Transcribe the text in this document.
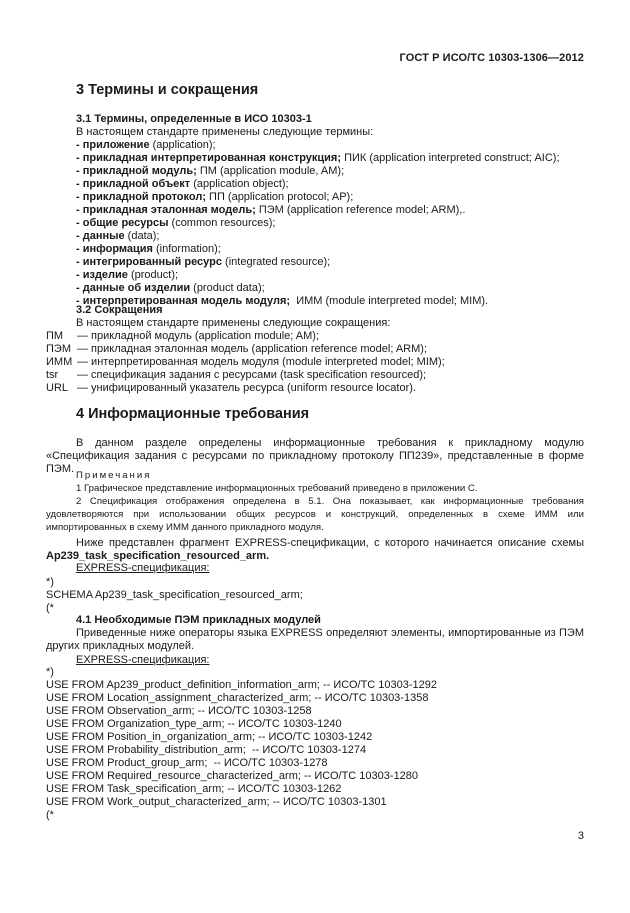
ГОСТ Р ИСО/ТС 10303-1306—2012
3 Термины и сокращения
3.1 Термины, определенные в ИСО 10303-1
В настоящем стандарте применены следующие термины:
- приложение (application);
- прикладная интерпретированная конструкция; ПИК (application interpreted construct; AIC);
- прикладной модуль; ПМ (application module, AM);
- прикладной объект (application object);
- прикладной протокол; ПП (application protocol; AP);
- прикладная эталонная модель; ПЭМ (application reference model; ARM),.
- общие ресурсы (common resources);
- данные (data);
- информация (information);
- интегрированный ресурс (integrated resource);
- изделие (product);
- данные об изделии (product data);
- интерпретированная модель модуля;  ИММ (module interpreted model; MIM).
3.2 Сокращения
В настоящем стандарте применены следующие сокращения:
ПМ — прикладной модуль (application module; AM);
ПЭМ — прикладная эталонная модель (application reference model; ARM);
ИММ — интерпретированная модель модуля (module interpreted model; MIM);
tsr — спецификация задания с ресурсами (task specification resourced);
URL — унифицированный указатель ресурса (uniform resource locator).
4 Информационные требования
В данном разделе определены информационные требования к прикладному модулю «Спецификация задания с ресурсами по прикладному протоколу ПП239», представленные в форме ПЭМ.
Примечания
1 Графическое представление информационных требований приведено в приложении С.
2 Спецификация отображения определена в 5.1. Она показывает, как информационные требования удовлетворяются при использовании общих ресурсов и конструкций, определенных в схеме ИММ или импортированных в схему ИММ данного прикладного модуля.
Ниже представлен фрагмент EXPRESS-спецификации, с которого начинается описание схемы Ap239_task_specification_resourced_arm.
EXPRESS-спецификация:
*)
SCHEMA Ap239_task_specification_resourced_arm;
(*
4.1 Необходимые ПЭМ прикладных модулей
Приведенные ниже операторы языка EXPRESS определяют элементы, импортированные из ПЭМ других прикладных модулей.
EXPRESS-спецификация:
*)
USE FROM Ap239_product_definition_information_arm; -- ИСО/ТС 10303-1292
USE FROM Location_assignment_characterized_arm; -- ИСО/ТС 10303-1358
USE FROM Observation_arm; -- ИСО/ТС 10303-1258
USE FROM Organization_type_arm; -- ИСО/ТС 10303-1240
USE FROM Position_in_organization_arm; -- ИСО/ТС 10303-1242
USE FROM Probability_distribution_arm;  -- ИСО/ТС 10303-1274
USE FROM Product_group_arm;  -- ИСО/ТС 10303-1278
USE FROM Required_resource_characterized_arm; -- ИСО/ТС 10303-1280
USE FROM Task_specification_arm; -- ИСО/ТС 10303-1262
USE FROM Work_output_characterized_arm; -- ИСО/ТС 10303-1301
(*
3
